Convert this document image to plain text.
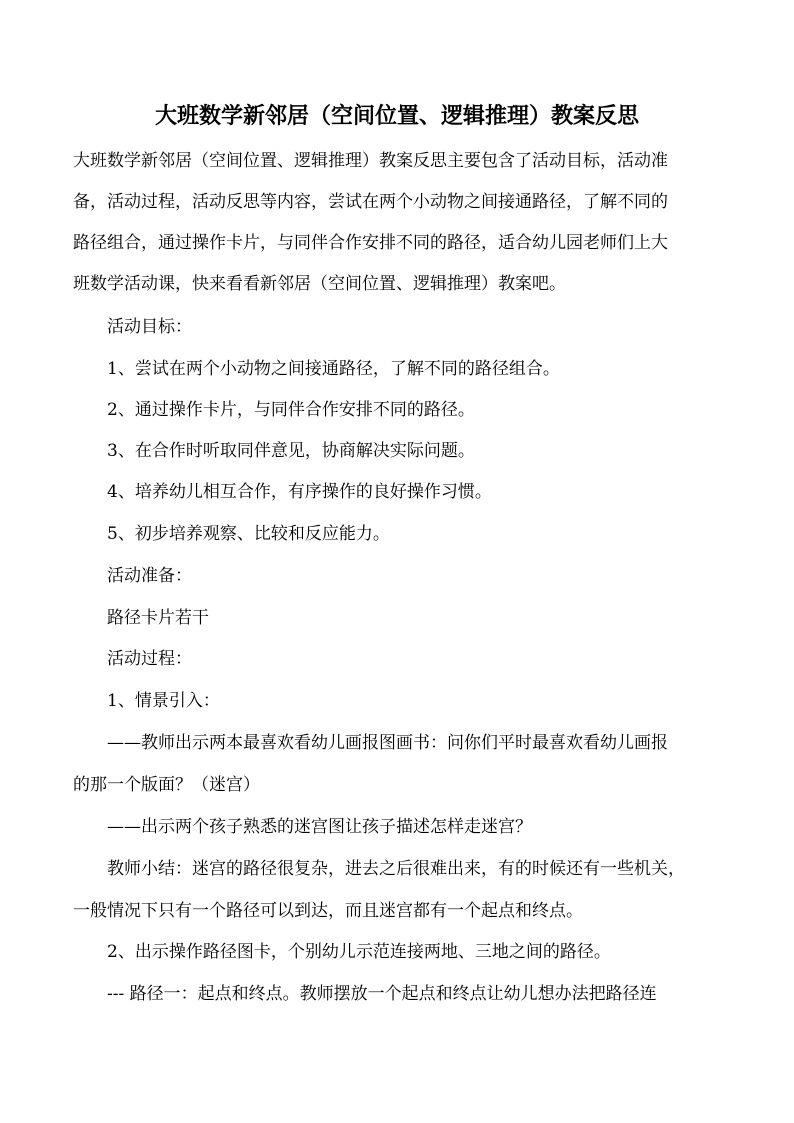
大班数学新邻居（空间位置、逻辑推理）教案反思
大班数学新邻居（空间位置、逻辑推理）教案反思主要包含了活动目标，活动准
备，活动过程，活动反思等内容，尝试在两个小动物之间接通路径，了解不同的
路径组合，通过操作卡片，与同伴合作安排不同的路径，适合幼儿园老师们上大
班数学活动课，快来看看新邻居（空间位置、逻辑推理）教案吧。
活动目标：
1、尝试在两个小动物之间接通路径，了解不同的路径组合。
2、通过操作卡片，与同伴合作安排不同的路径。
3、在合作时听取同伴意见，协商解决实际问题。
4、培养幼儿相互合作，有序操作的良好操作习惯。
5、初步培养观察、比较和反应能力。
活动准备：
路径卡片若干
活动过程：
1、情景引入：
——教师出示两本最喜欢看幼儿画报图画书：问你们平时最喜欢看幼儿画报
的那一个版面？（迷宫）
——出示两个孩子熟悉的迷宫图让孩子描述怎样走迷宫？
教师小结：迷宫的路径很复杂，进去之后很难出来，有的时候还有一些机关，
一般情况下只有一个路径可以到达，而且迷宫都有一个起点和终点。
2、出示操作路径图卡，个别幼儿示范连接两地、三地之间的路径。
--- 路径一：起点和终点。教师摆放一个起点和终点让幼儿想办法把路径连
